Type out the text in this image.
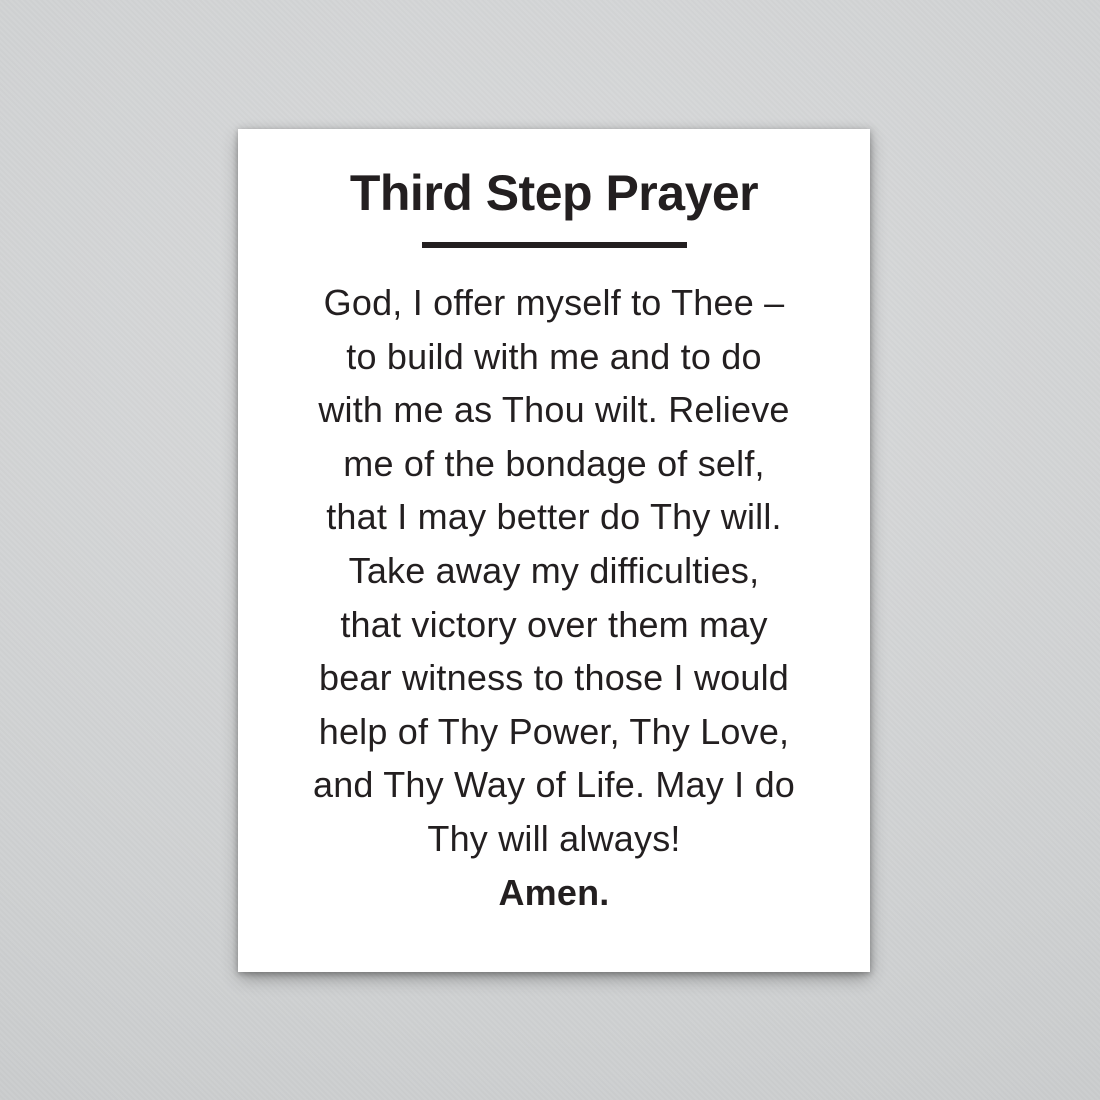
Third Step Prayer
God, I offer myself to Thee –
to build with me and to do
with me as Thou wilt. Relieve
me of the bondage of self,
that I may better do Thy will.
Take away my difficulties,
that victory over them may
bear witness to those I would
help of Thy Power, Thy Love,
and Thy Way of Life. May I do
Thy will always!
Amen.
